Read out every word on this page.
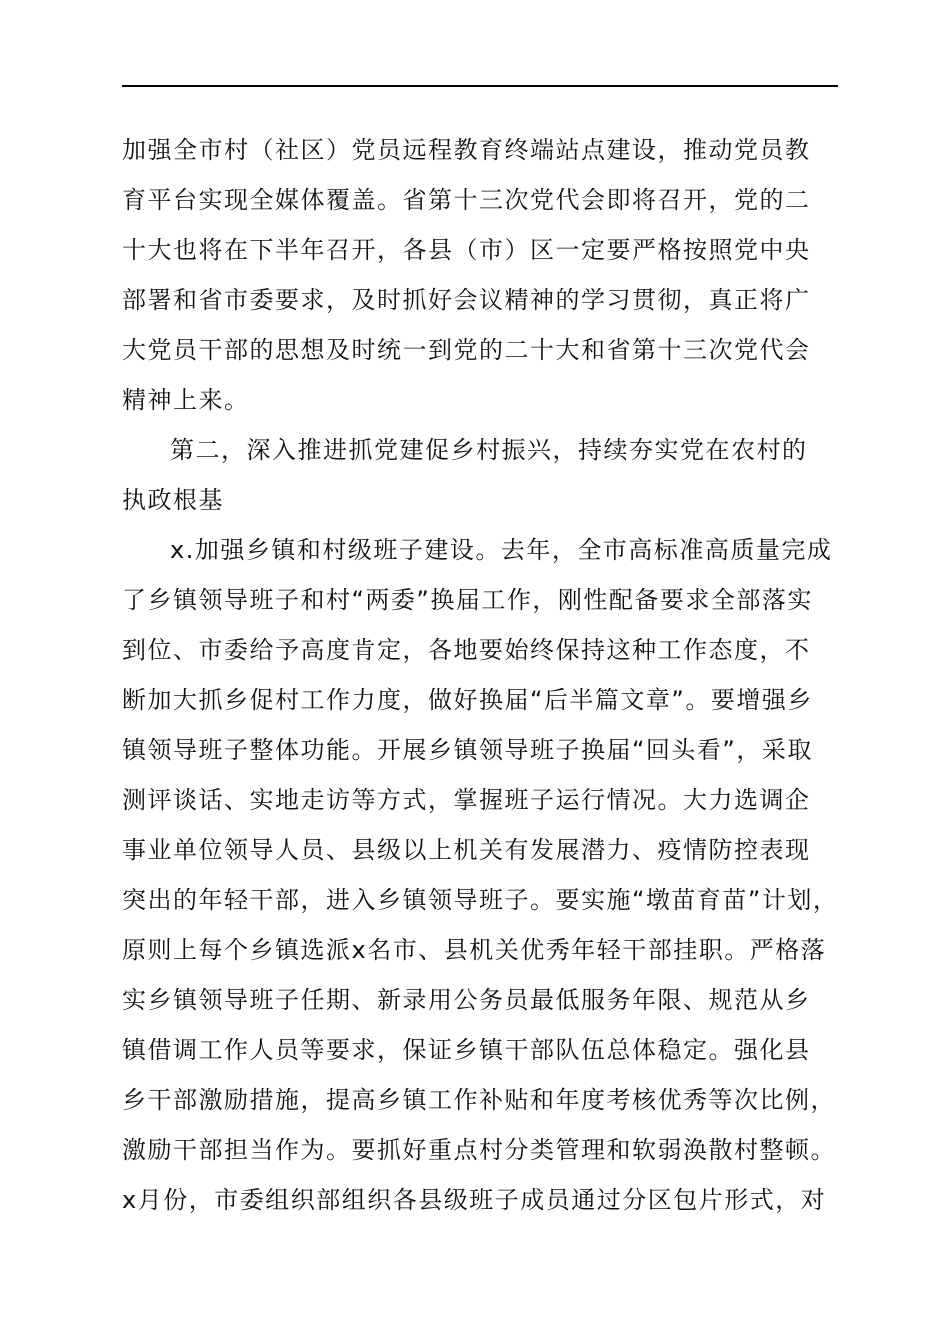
加强全市村（社区）党员远程教育终端站点建设，推动党员教
育平台实现全媒体覆盖。省第十三次党代会即将召开，党的二
十大也将在下半年召开，各县（市）区一定要严格按照党中央
部署和省市委要求，及时抓好会议精神的学习贯彻，真正将广
大党员干部的思想及时统一到党的二十大和省第十三次党代会
精神上来。
第二，深入推进抓党建促乡村振兴，持续夯实党在农村的
执政根基
x.加强乡镇和村级班子建设。去年，全市高标准高质量完成
了乡镇领导班子和村“两委”换届工作，刚性配备要求全部落实
到位、市委给予高度肯定，各地要始终保持这种工作态度，不
断加大抓乡促村工作力度，做好换届“后半篇文章”。要增强乡
镇领导班子整体功能。开展乡镇领导班子换届“回头看”，采取
测评谈话、实地走访等方式，掌握班子运行情况。大力选调企
事业单位领导人员、县级以上机关有发展潜力、疫情防控表现
突出的年轻干部，进入乡镇领导班子。要实施“墩苗育苗”计划，
原则上每个乡镇选派x名市、县机关优秀年轻干部挂职。严格落
实乡镇领导班子任期、新录用公务员最低服务年限、规范从乡
镇借调工作人员等要求，保证乡镇干部队伍总体稳定。强化县
乡干部激励措施，提高乡镇工作补贴和年度考核优秀等次比例，
激励干部担当作为。要抓好重点村分类管理和软弱涣散村整顿。
x月份，市委组织部组织各县级班子成员通过分区包片形式，对
